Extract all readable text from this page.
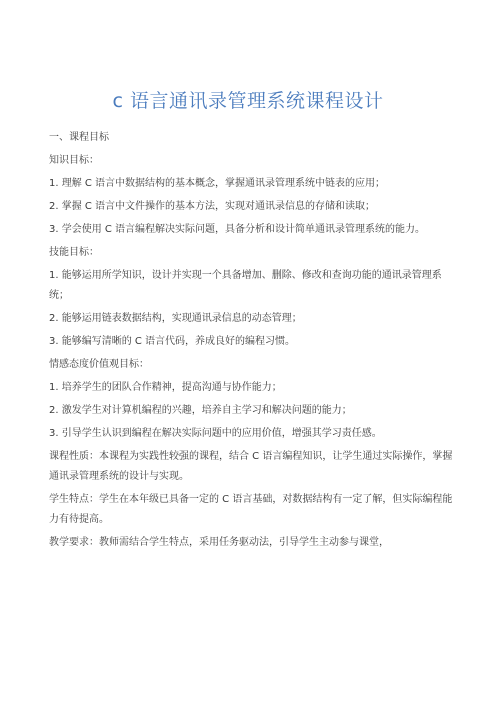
c 语言通讯录管理系统课程设计

一、课程目标

知识目标：

1. 理解 C 语言中数据结构的基本概念，掌握通讯录管理系统中链表的应用；

2. 掌握 C 语言中文件操作的基本方法，实现对通讯录信息的存储和读取；

3. 学会使用 C 语言编程解决实际问题，具备分析和设计简单通讯录管理系统的能力。

技能目标：

1. 能够运用所学知识，设计并实现一个具备增加、删除、修改和查询功能的通讯录管理系统；

2. 能够运用链表数据结构，实现通讯录信息的动态管理；

3. 能够编写清晰的 C 语言代码，养成良好的编程习惯。

情感态度价值观目标：

1. 培养学生的团队合作精神，提高沟通与协作能力；

2. 激发学生对计算机编程的兴趣，培养自主学习和解决问题的能力；

3. 引导学生认识到编程在解决实际问题中的应用价值，增强其学习责任感。

课程性质：本课程为实践性较强的课程，结合 C 语言编程知识，让学生通过实际操作，掌握通讯录管理系统的设计与实现。

学生特点：学生在本年级已具备一定的 C 语言基础，对数据结构有一定了解，但实际编程能力有待提高。

教学要求：教师需结合学生特点，采用任务驱动法，引导学生主动参与课堂，
